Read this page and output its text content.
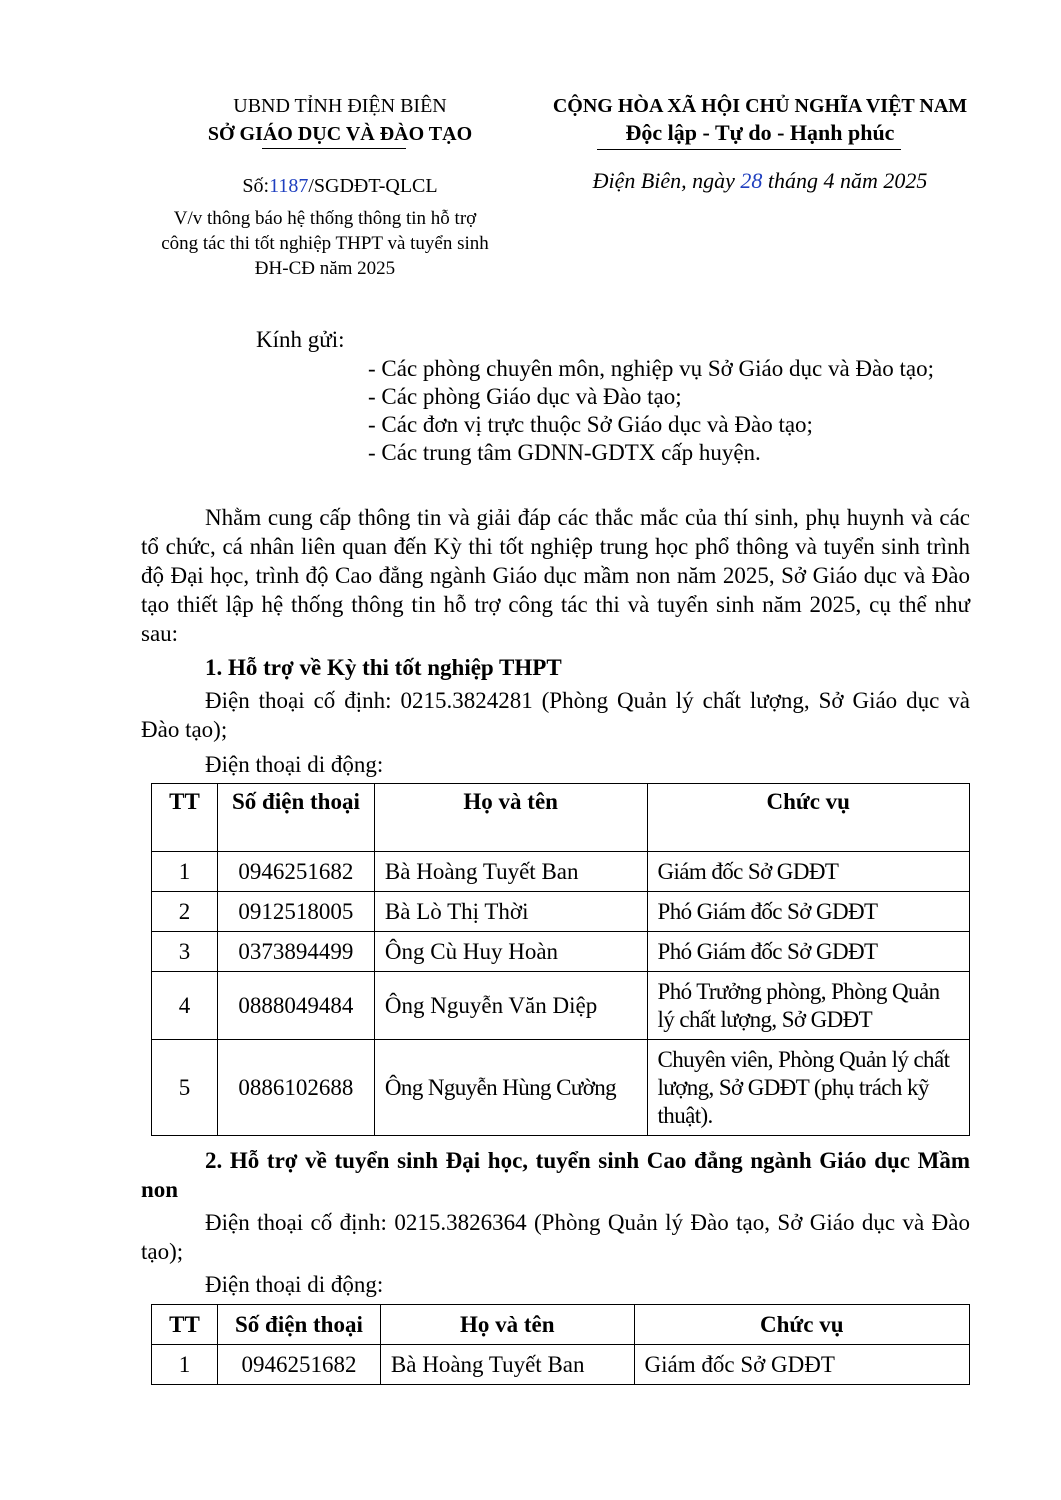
UBND TỈNH ĐIỆN BIÊN
SỞ GIÁO DỤC VÀ ĐÀO TẠO
Số:1187/SGDĐT-QLCL
V/v thông báo hệ thống thông tin hỗ trợ công tác thi tốt nghiệp THPT và tuyển sinh ĐH-CĐ năm 2025
CỘNG HÒA XÃ HỘI CHỦ NGHĨA VIỆT NAM
Độc lập - Tự do - Hạnh phúc
Điện Biên, ngày 28 tháng 4 năm 2025
Kính gửi:
- Các phòng chuyên môn, nghiệp vụ Sở Giáo dục và Đào tạo;
- Các phòng Giáo dục và Đào tạo;
- Các đơn vị trực thuộc Sở Giáo dục và Đào tạo;
- Các trung tâm GDNN-GDTX cấp huyện.
Nhằm cung cấp thông tin và giải đáp các thắc mắc của thí sinh, phụ huynh và các tổ chức, cá nhân liên quan đến Kỳ thi tốt nghiệp trung học phổ thông và tuyển sinh trình độ Đại học, trình độ Cao đẳng ngành Giáo dục mầm non năm 2025, Sở Giáo dục và Đào tạo thiết lập hệ thống thông tin hỗ trợ công tác thi và tuyển sinh năm 2025, cụ thể như sau:
1. Hỗ trợ về Kỳ thi tốt nghiệp THPT
Điện thoại cố định: 0215.3824281 (Phòng Quản lý chất lượng, Sở Giáo dục và Đào tạo);
Điện thoại di động:
TT	Số điện thoại	Họ và tên	Chức vụ
1	0946251682	Bà Hoàng Tuyết Ban	Giám đốc Sở GDĐT
2	0912518005	Bà Lò Thị Thời	Phó Giám đốc Sở GDĐT
3	0373894499	Ông Cù Huy Hoàn	Phó Giám đốc Sở GDĐT
4	0888049484	Ông Nguyễn Văn Diệp	Phó Trưởng phòng, Phòng Quản lý chất lượng, Sở GDĐT
5	0886102688	Ông Nguyễn Hùng Cường	Chuyên viên, Phòng Quản lý chất lượng, Sở GDĐT (phụ trách kỹ thuật).
2. Hỗ trợ về tuyển sinh Đại học, tuyển sinh Cao đẳng ngành Giáo dục Mầm non
Điện thoại cố định: 0215.3826364 (Phòng Quản lý Đào tạo, Sở Giáo dục và Đào tạo);
Điện thoại di động:
TT	Số điện thoại	Họ và tên	Chức vụ
1	0946251682	Bà Hoàng Tuyết Ban	Giám đốc Sở GDĐT
